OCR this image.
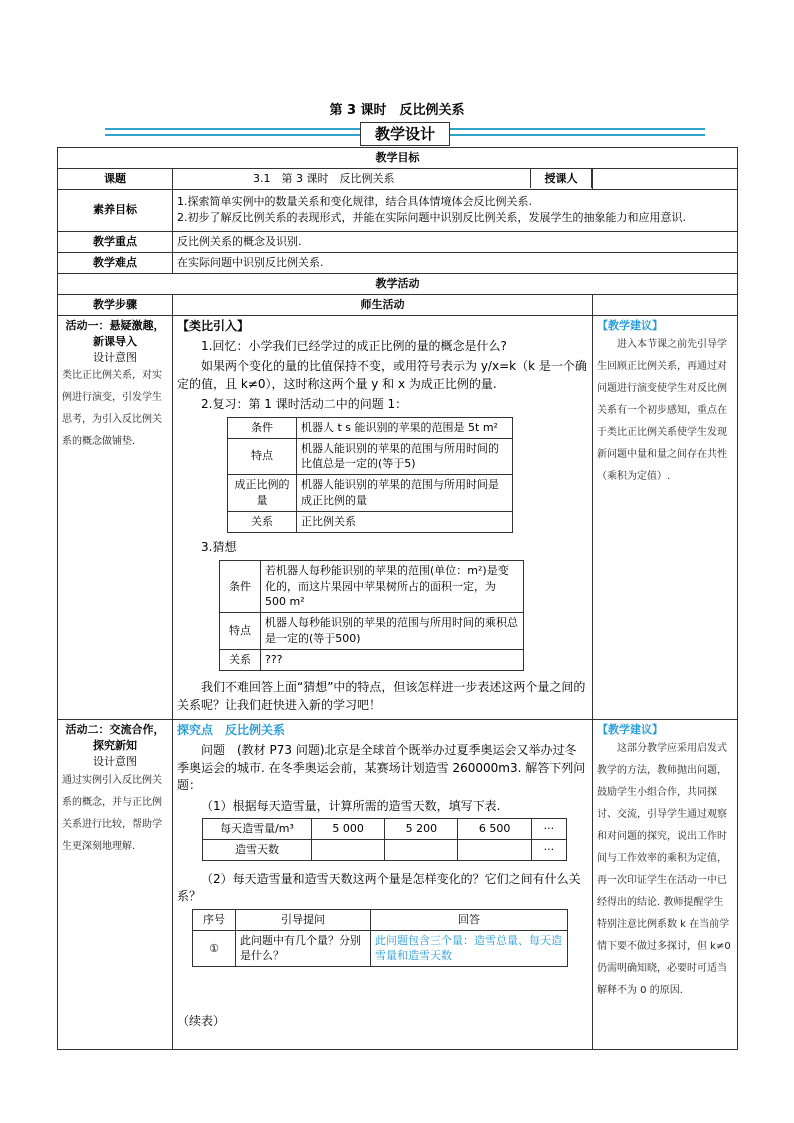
第 3 课时　反比例关系
教学设计
教学目标
课题	3.1　第 3 课时　反比例关系	授课人

素养目标	
1.探索简单实例中的数量关系和变化规律，结合具体情境体会反比例关系.
2.初步了解反比例关系的表现形式，并能在实际问题中识别反比例关系，发展学生的抽象能力和应用意识.

教学重点	反比例关系的概念及识别.
教学难点	在实际问题中识别反比例关系.
教学活动
教学步骤	师生活动	

活动一：悬疑激趣，新课导入
设计意图
类比正比例关系，对实例进行演变，引发学生思考，为引入反比例关系的概念做铺垫.

【类比引入】
1.回忆：小学我们已经学过的成正比例的量的概念是什么?
如果两个变化的量的比值保持不变，或用符号表示为 y/x=k（k 是一个确定的值，且 k≠0），这时称这两个量 y 和 x 为成正比例的量.
2.复习：第 1 课时活动二中的问题 1：
条件	机器人 t s 能识别的苹果的范围是 5t m²
特点	机器人能识别的苹果的范围与所用时间的比值总是一定的(等于5)
成正比例的量	机器人能识别的苹果的范围与所用时间是成正比例的量
关系	正比例关系
3.猜想
条件	若机器人每秒能识别的苹果的范围(单位：m²)是变化的，而这片果园中苹果树所占的面积一定，为 500 m²
特点	机器人每秒能识别的苹果的范围与所用时间的乘积总是一定的(等于500)
关系	???
我们不难回答上面“猜想”中的特点，但该怎样进一步表述这两个量之间的关系呢？让我们赶快进入新的学习吧！

【教学建议】
进入本节课之前先引导学生回顾正比例关系，再通过对问题进行演变使学生对反比例关系有一个初步感知，重点在于类比正比例关系使学生发现新问题中量和量之间存在共性（乘积为定值）.

活动二：交流合作，探究新知
设计意图
通过实例引入反比例关系的概念，并与正比例关系进行比较，帮助学生更深刻地理解.

探究点　反比例关系
问题　(教材 P73 问题)北京是全球首个既举办过夏季奥运会又举办过冬季奥运会的城市. 在冬季奥运会前，某赛场计划造雪 260000m3. 解答下列问题：
（1）根据每天造雪量，计算所需的造雪天数，填写下表.
每天造雪量/m³	5 000	5 200	6 500	···
造雪天数				···
（2）每天造雪量和造雪天数这两个量是怎样变化的？它们之间有什么关系？
序号	引导提问	回答
①	此问题中有几个量？分别是什么？	此问题包含三个量：造雪总量、每天造雪量和造雪天数
（续表）

【教学建议】
这部分教学应采用启发式教学的方法，教师抛出问题，鼓励学生小组合作，共同探讨、交流，引导学生通过观察和对问题的探究，说出工作时间与工作效率的乘积为定值，再一次印证学生在活动一中已经得出的结论. 教师提醒学生特别注意比例系数 k 在当前学情下要不做过多探讨，但 k≠0 仍需明确知晓，必要时可适当解释不为 0 的原因.
